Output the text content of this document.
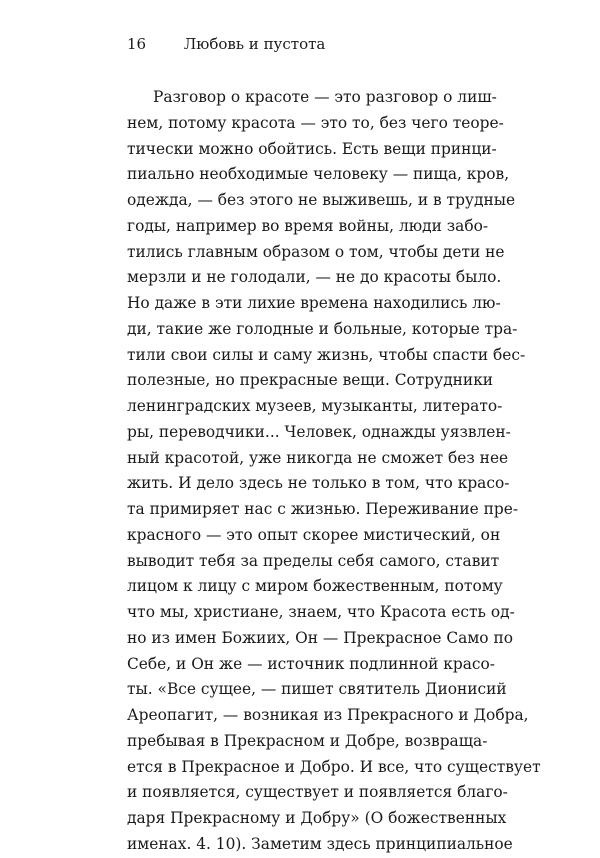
16	Любовь и пустота
Разговор о красоте — это разговор о лиш-
нем, потому красота — это то, без чего теоре-
тически можно обойтись. Есть вещи принци-
пиально необходимые человеку — пища, кров,
одежда, — без этого не выживешь, и в трудные
годы, например во время войны, люди забо-
тились главным образом о том, чтобы дети не
мерзли и не голодали, — не до красоты было.
Но даже в эти лихие времена находились лю-
ди, такие же голодные и больные, которые тра-
тили свои силы и саму жизнь, чтобы спасти бес-
полезные, но прекрасные вещи. Сотрудники
ленинградских музеев, музыканты, литерато-
ры, переводчики... Человек, однажды уязвлен-
ный красотой, уже никогда не сможет без нее
жить. И дело здесь не только в том, что красо-
та примиряет нас с жизнью. Переживание пре-
красного — это опыт скорее мистический, он
выводит тебя за пределы себя самого, ставит
лицом к лицу с миром божественным, потому
что мы, христиане, знаем, что Красота есть од-
но из имен Божиих, Он — Прекрасное Само по
Себе, и Он же — источник подлинной красо-
ты. «Все сущее, — пишет святитель Дионисий
Ареопагит, — возникая из Прекрасного и Добра,
пребывая в Прекрасном и Добре, возвраща-
ется в Прекрасное и Добро. И все, что существует
и появляется, существует и появляется благо-
даря Прекрасному и Добру» (О божественных
именах. 4. 10). Заметим здесь принципиальное
